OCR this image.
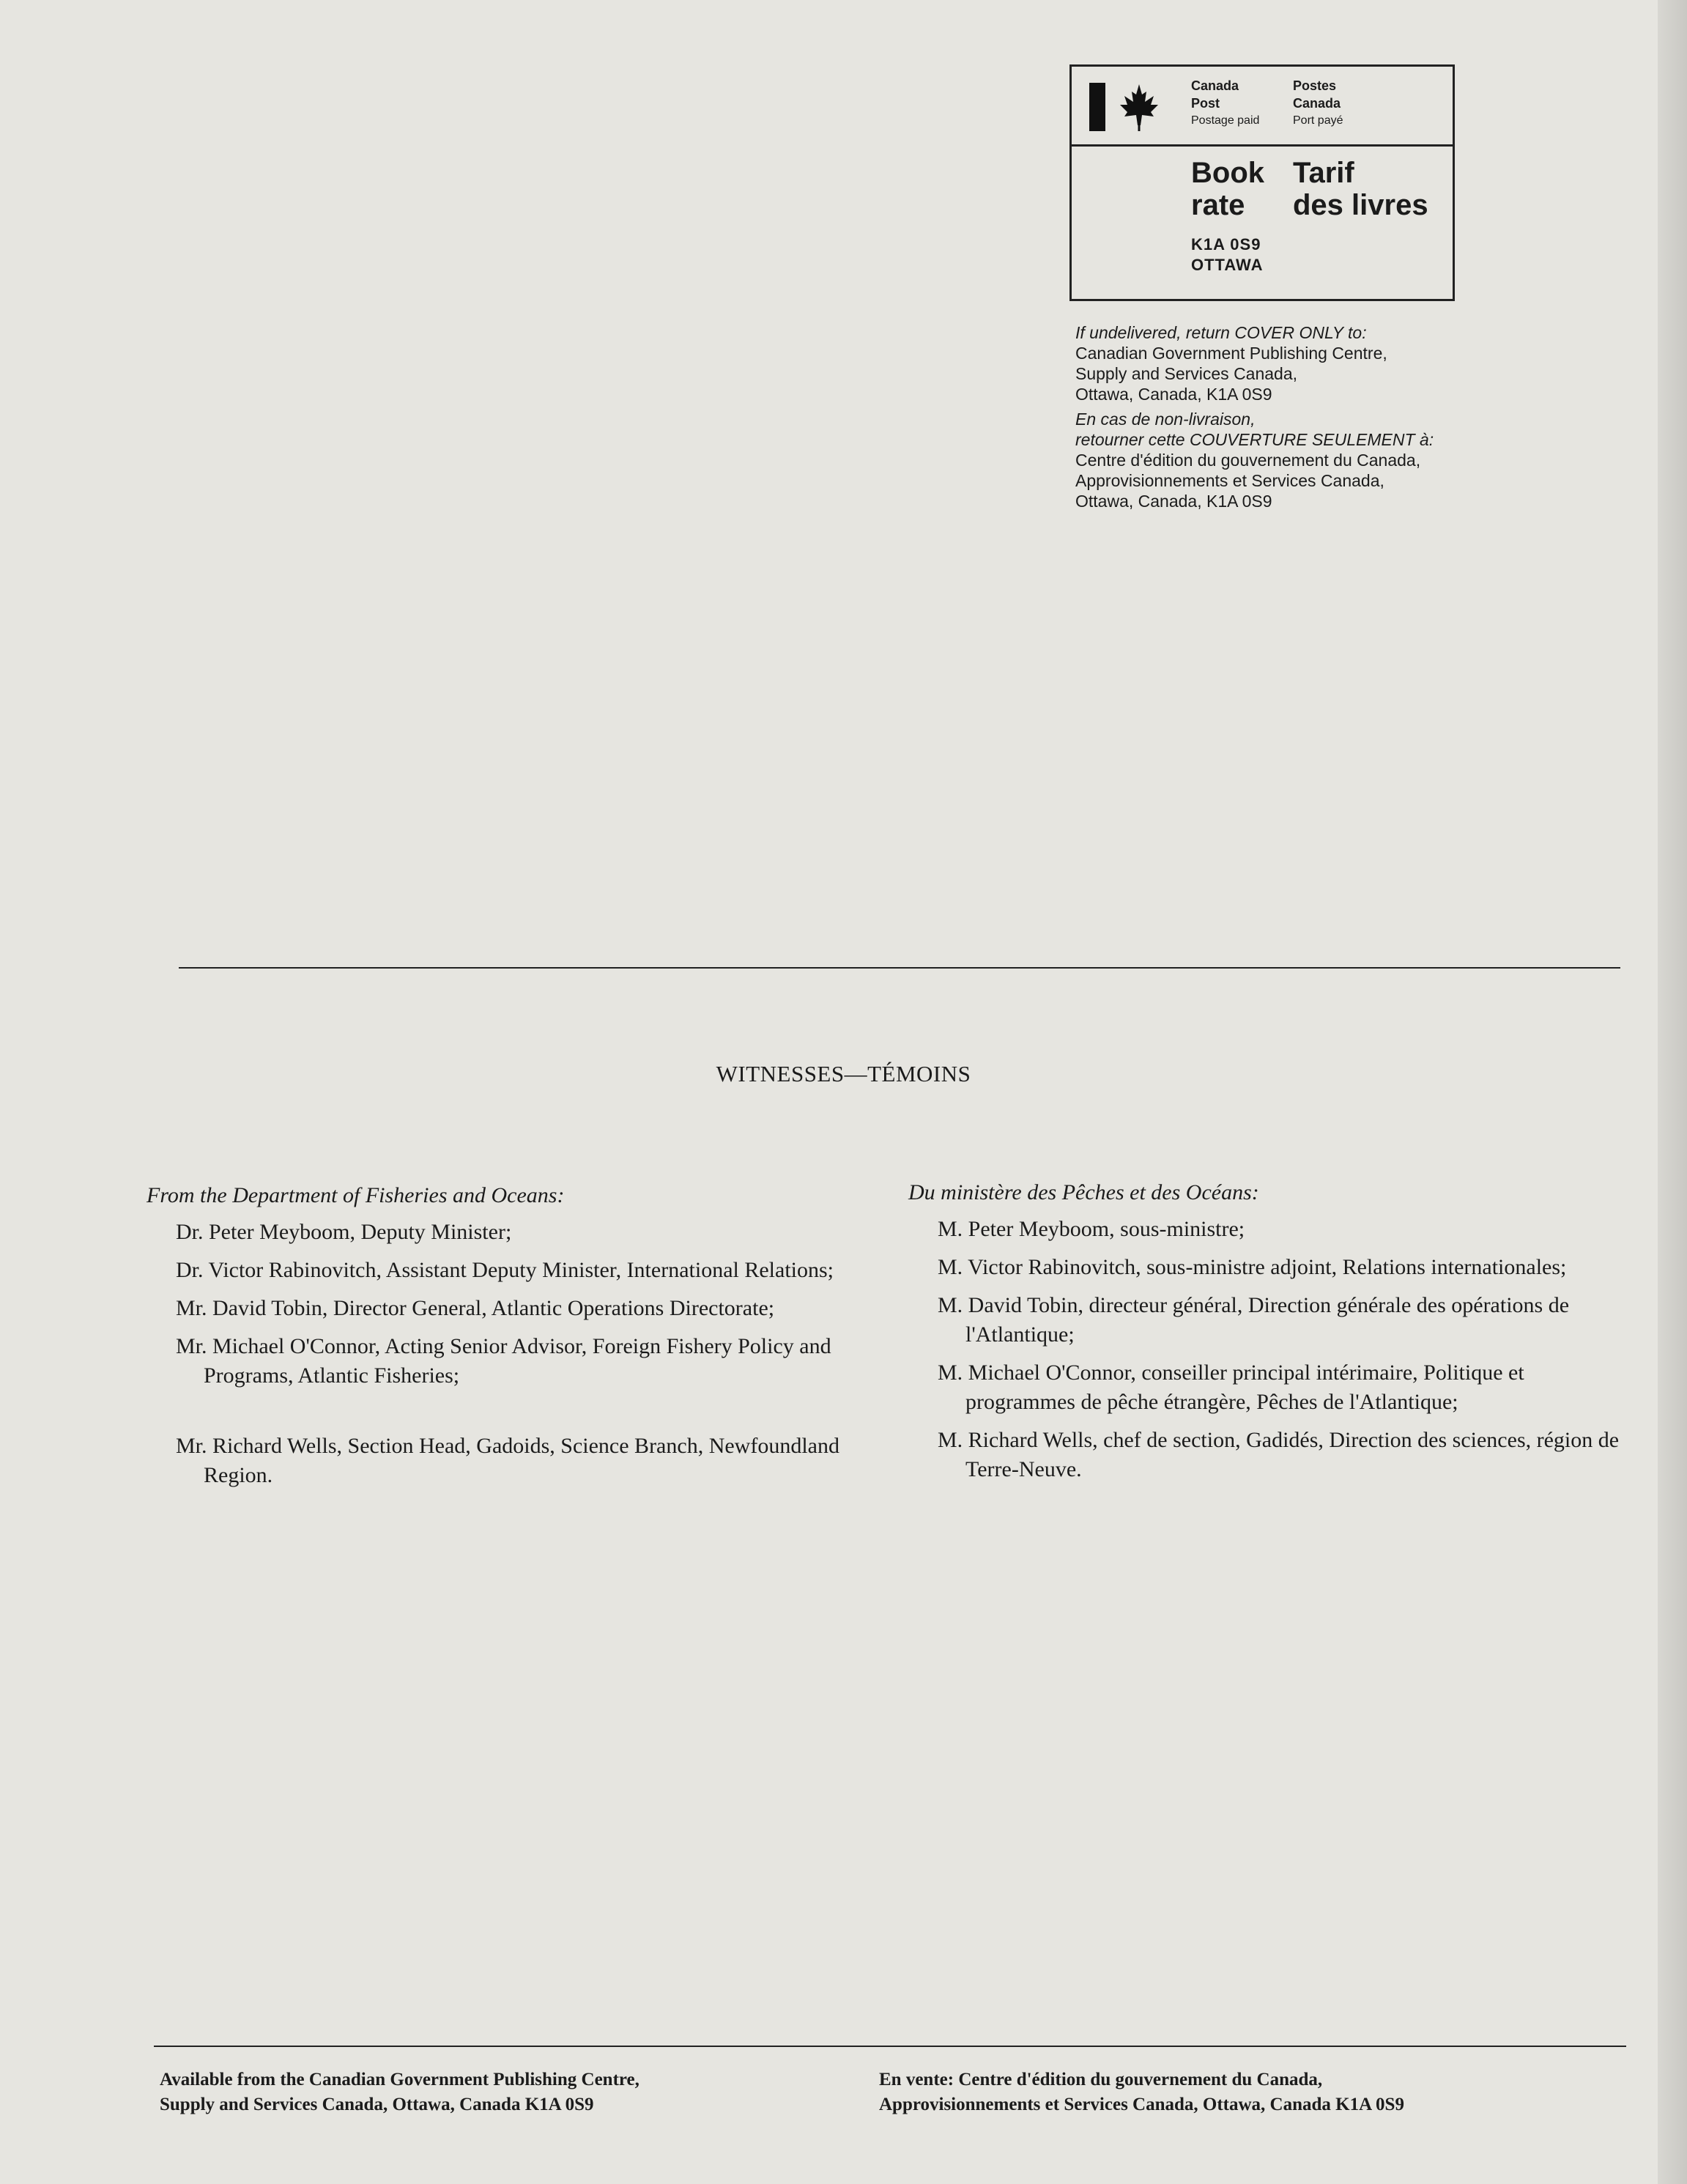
Canada
Post
Postage paid
Postes
Canada
Port payé
Book
rate
Tarif
des livres
K1A 0S9
OTTAWA

If undelivered, return COVER ONLY to:

Canadian Government Publishing Centre,

Supply and Services Canada,

Ottawa, Canada, K1A 0S9

En cas de non-livraison,

retourner cette COUVERTURE SEULEMENT à:

Centre d'édition du gouvernement du Canada,

Approvisionnements et Services Canada,

Ottawa, Canada, K1A 0S9

WITNESSES—TÉMOINS
From the Department of Fisheries and Oceans:

Dr. Peter Meyboom, Deputy Minister;

Dr. Victor Rabinovitch, Assistant Deputy Minister, International Relations;

Mr. David Tobin, Director General, Atlantic Operations Directorate;

Mr. Michael O'Connor, Acting Senior Advisor, Foreign Fishery Policy and Programs, Atlantic Fisheries;

Mr. Richard Wells, Section Head, Gadoids, Science Branch, Newfoundland Region.

Du ministère des Pêches et des Océans:

M. Peter Meyboom, sous-ministre;

M. Victor Rabinovitch, sous-ministre adjoint, Relations internationales;

M. David Tobin, directeur général, Direction générale des opérations de l'Atlantique;

M. Michael O'Connor, conseiller principal intérimaire, Politique et programmes de pêche étrangère, Pêches de l'Atlantique;

M. Richard Wells, chef de section, Gadidés, Direction des sciences, région de Terre-Neuve.

Available from the Canadian Government Publishing Centre,
Supply and Services Canada, Ottawa, Canada K1A 0S9
En vente: Centre d'édition du gouvernement du Canada,
Approvisionnements et Services Canada, Ottawa, Canada K1A 0S9
